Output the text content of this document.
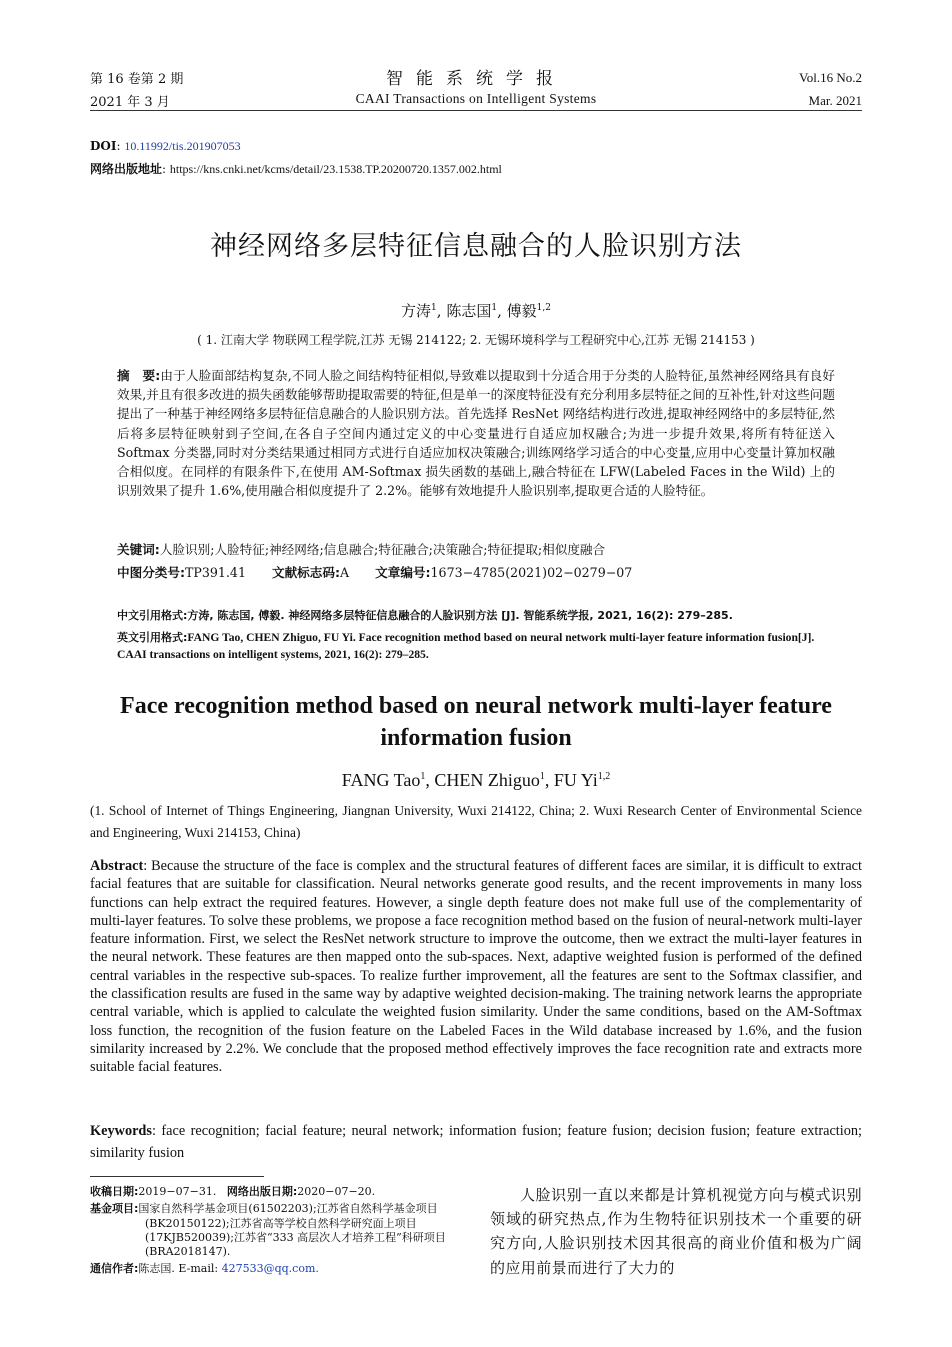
第 16 卷第 2 期
2021 年 3 月
智能系统学报
CAAI Transactions on Intelligent Systems
Vol.16 No.2
Mar. 2021
DOI: 10.11992/tis.201907053
网络出版地址: https://kns.cnki.net/kcms/detail/23.1538.TP.20200720.1357.002.html
神经网络多层特征信息融合的人脸识别方法
方涛$^1$, 陈志国$^1$, 傅毅$^{1,2}$
( 1. 江南大学 物联网工程学院,江苏 无锡 214122; 2. 无锡环境科学与工程研究中心,江苏 无锡 214153 )
摘　要:由于人脸面部结构复杂,不同人脸之间结构特征相似,导致难以提取到十分适合用于分类的人脸特征,虽然神经网络具有良好效果,并且有很多改进的损失函数能够帮助提取需要的特征,但是单一的深度特征没有充分利用多层特征之间的互补性,针对这些问题提出了一种基于神经网络多层特征信息融合的人脸识别方法。首先选择 ResNet 网络结构进行改进,提取神经网络中的多层特征,然后将多层特征映射到子空间,在各自子空间内通过定义的中心变量进行自适应加权融合;为进一步提升效果,将所有特征送入 Softmax 分类器,同时对分类结果通过相同方式进行自适应加权决策融合;训练网络学习适合的中心变量,应用中心变量计算加权融合相似度。在同样的有限条件下,在使用 AM-Softmax 损失函数的基础上,融合特征在 LFW(Labeled Faces in the Wild) 上的识别效果了提升 1.6%,使用融合相似度提升了 2.2%。能够有效地提升人脸识别率,提取更合适的人脸特征。
关键词:人脸识别;人脸特征;神经网络;信息融合;特征融合;决策融合;特征提取;相似度融合
中图分类号:TP391.41 文献标志码:A 文章编号:1673−4785(2021)02−0279−07
中文引用格式:方涛, 陈志国, 傅毅. 神经网络多层特征信息融合的人脸识别方法 [J]. 智能系统学报, 2021, 16(2): 279–285.
英文引用格式:FANG Tao, CHEN Zhiguo, FU Yi. Face recognition method based on neural network multi-layer feature information fusion[J]. CAAI transactions on intelligent systems, 2021, 16(2): 279–285.
Face recognition method based on neural network multi-layer feature information fusion
FANG Tao$^1$, CHEN Zhiguo$^1$, FU Yi$^{1,2}$
(1. School of Internet of Things Engineering, Jiangnan University, Wuxi 214122, China; 2. Wuxi Research Center of Environmental Science and Engineering, Wuxi 214153, China)
Abstract: Because the structure of the face is complex and the structural features of different faces are similar, it is difficult to extract facial features that are suitable for classification. Neural networks generate good results, and the recent improvements in many loss functions can help extract the required features. However, a single depth feature does not make full use of the complementarity of multi-layer features. To solve these problems, we propose a face recognition method based on the fusion of neural-network multi-layer feature information. First, we select the ResNet network structure to improve the outcome, then we extract the multi-layer features in the neural network. These features are then mapped onto the sub-spaces. Next, adaptive weighted fusion is performed of the defined central variables in the respective sub-spaces. To realize further improvement, all the features are sent to the Softmax classifier, and the classification results are fused in the same way by adaptive weighted decision-making. The training network learns the appropriate central variable, which is applied to calculate the weighted fusion similarity. Under the same conditions, based on the AM-Softmax loss function, the recognition of the fusion feature on the Labeled Faces in the Wild database increased by 1.6%, and the fusion similarity increased by 2.2%. We conclude that the proposed method effectively improves the face recognition rate and extracts more suitable facial features.
Keywords: face recognition; facial feature; neural network; information fusion; feature fusion; decision fusion; feature extraction; similarity fusion
收稿日期:2019−07−31. 网络出版日期:2020−07−20.
基金项目:国家自然科学基金项目(61502203);江苏省自然科学基金项目(BK20150122);江苏省高等学校自然科学研究面上项目(17KJB520039);江苏省“333 高层次人才培养工程”科研项目(BRA2018147).
通信作者:陈志国. E-mail: 427533@qq.com.
人脸识别一直以来都是计算机视觉方向与模式识别领域的研究热点,作为生物特征识别技术一个重要的研究方向,人脸识别技术因其很高的商业价值和极为广阔的应用前景而进行了大力的
